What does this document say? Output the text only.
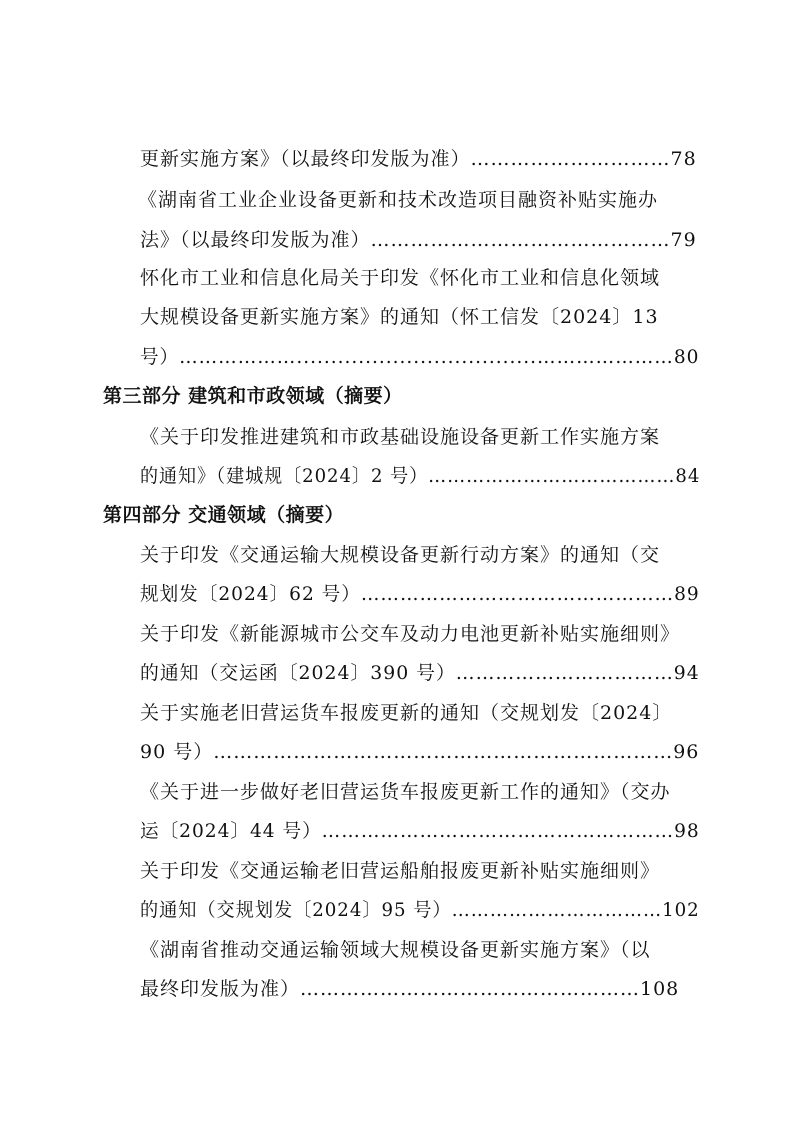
更新实施方案》（以最终印发版为准）…………………………78
《湖南省工业企业设备更新和技术改造项目融资补贴实施办
法》（以最终印发版为准）………………………………………79
怀化市工业和信息化局关于印发《怀化市工业和信息化领域
大规模设备更新实施方案》的通知（怀工信发〔2024〕13
号）………………...................................…………………80
第三部分 建筑和市政领域（摘要）
《关于印发推进建筑和市政基础设施设备更新工作实施方案
的通知》（建城规〔2024〕2 号）…………………………………84
第四部分 交通领域（摘要）
关于印发《交通运输大规模设备更新行动方案》的通知（交
规划发〔2024〕62 号）…………………………………………89
关于印发《新能源城市公交车及动力电池更新补贴实施细则》
的通知（交运函〔2024〕390 号）……………………………94
关于实施老旧营运货车报废更新的通知（交规划发〔2024〕
90 号）……………………………………………………………96
《关于进一步做好老旧营运货车报废更新工作的通知》（交办
运〔2024〕44 号）………………………………………………98
关于印发《交通运输老旧营运船舶报废更新补贴实施细则》
的通知（交规划发〔2024〕95 号）……………………………102
《湖南省推动交通运输领域大规模设备更新实施方案》（以
最终印发版为准）……………………………………………108
